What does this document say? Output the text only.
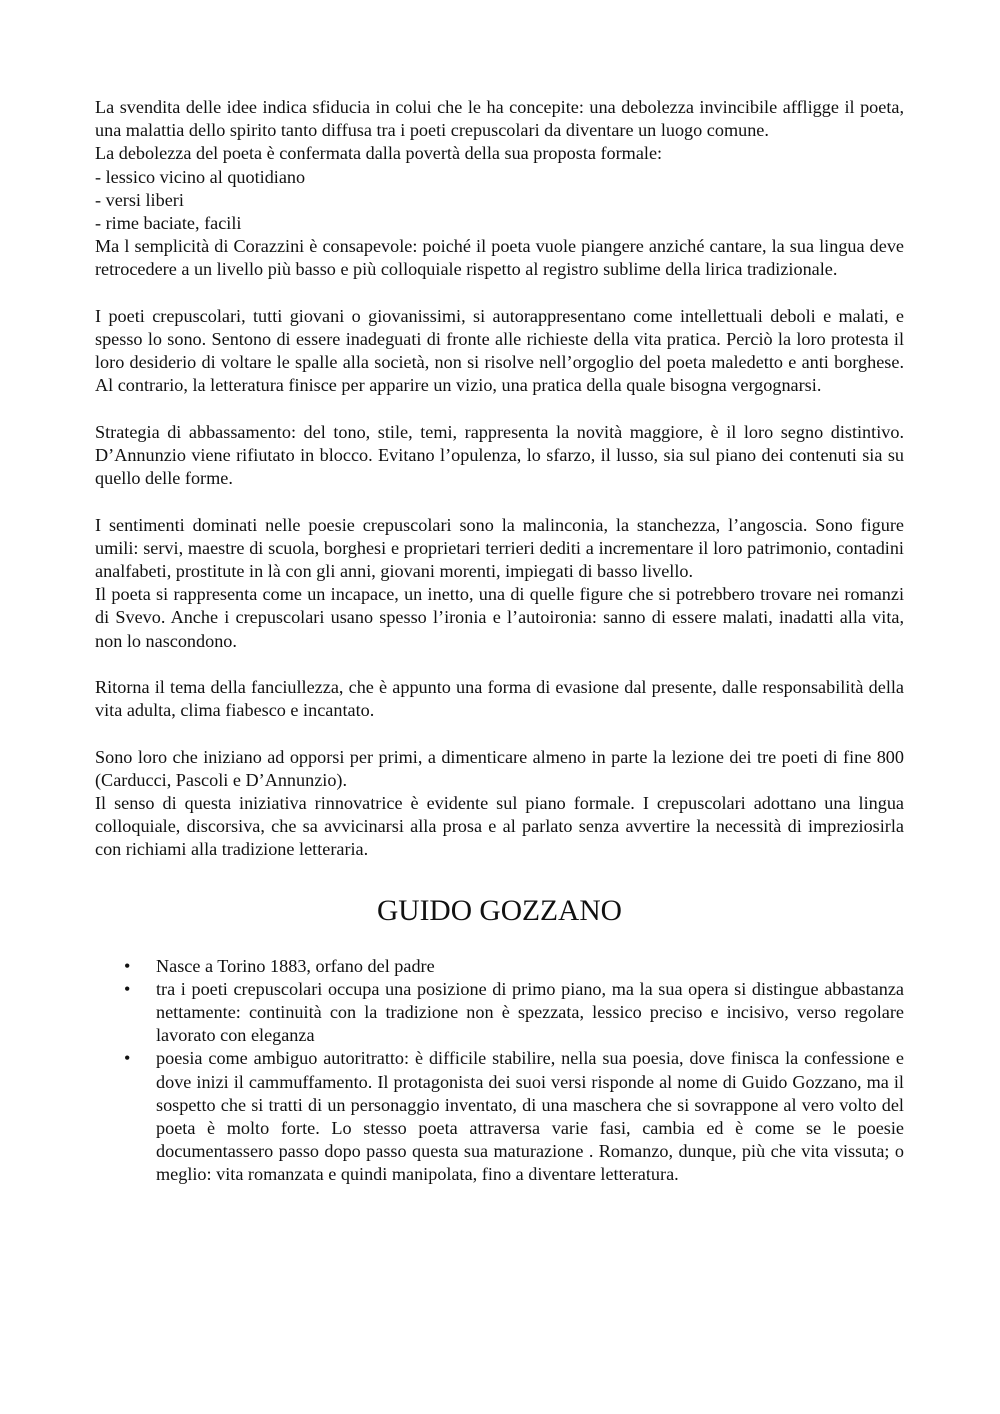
La svendita delle idee indica sfiducia in colui che le ha concepite: una debolezza invincibile affligge il poeta, una malattia dello spirito tanto diffusa tra i poeti crepuscolari da diventare un luogo comune.

La debolezza del poeta è confermata dalla povertà della sua proposta formale:

- lessico vicino al quotidiano

- versi liberi

- rime baciate, facili

Ma l semplicità di Corazzini è consapevole: poiché il poeta vuole piangere anziché cantare, la sua lingua deve retrocedere a un livello più basso e più colloquiale rispetto al registro sublime della lirica tradizionale.

I poeti crepuscolari, tutti giovani o giovanissimi, si autorappresentano come intellettuali deboli e malati, e spesso lo sono. Sentono di essere inadeguati di fronte alle richieste della vita pratica. Perciò la loro protesta il loro desiderio di voltare le spalle alla società, non si risolve nell’orgoglio del poeta maledetto e anti borghese. Al contrario, la letteratura finisce per apparire un vizio, una pratica della quale bisogna vergognarsi.

Strategia di abbassamento: del tono, stile, temi, rappresenta la novità maggiore, è il loro segno distintivo. D’Annunzio viene rifiutato in blocco. Evitano l’opulenza, lo sfarzo, il lusso, sia sul piano dei contenuti sia su quello delle forme.

I sentimenti dominati nelle poesie crepuscolari sono la malinconia, la stanchezza, l’angoscia. Sono figure umili: servi, maestre di scuola, borghesi e proprietari terrieri dediti a incrementare il loro patrimonio, contadini analfabeti, prostitute in là con gli anni, giovani morenti, impiegati di basso livello.

Il poeta si rappresenta come un incapace, un inetto, una di quelle figure che si potrebbero trovare nei romanzi di Svevo. Anche i crepuscolari usano spesso l’ironia e l’autoironia: sanno di essere malati, inadatti alla vita, non lo nascondono.

Ritorna il tema della fanciullezza, che è appunto una forma di evasione dal presente, dalle responsabilità della vita adulta, clima fiabesco e incantato.

Sono loro che iniziano ad opporsi per primi, a dimenticare almeno in parte la lezione dei tre poeti di fine 800 (Carducci, Pascoli e D’Annunzio).

Il senso di questa iniziativa rinnovatrice è evidente sul piano formale. I crepuscolari adottano una lingua colloquiale, discorsiva, che sa avvicinarsi alla prosa e al parlato senza avvertire la necessità di impreziosirla con richiami alla tradizione letteraria.

GUIDO GOZZANO
• Nasce a Torino 1883, orfano del padre
• tra i poeti crepuscolari occupa una posizione di primo piano, ma la sua opera si distingue abbastanza nettamente: continuità con la tradizione non è spezzata, lessico preciso e incisivo, verso regolare lavorato con eleganza
• poesia come ambiguo autoritratto: è difficile stabilire, nella sua poesia, dove finisca la confessione e dove inizi il cammuffamento. Il protagonista dei suoi versi risponde al nome di Guido Gozzano, ma il sospetto che si tratti di un personaggio inventato, di una maschera che si sovrappone al vero volto del poeta è molto forte. Lo stesso poeta attraversa varie fasi, cambia ed è come se le poesie documentassero passo dopo passo questa sua maturazione . Romanzo, dunque, più che vita vissuta; o meglio: vita romanzata e quindi manipolata, fino a diventare letteratura.
